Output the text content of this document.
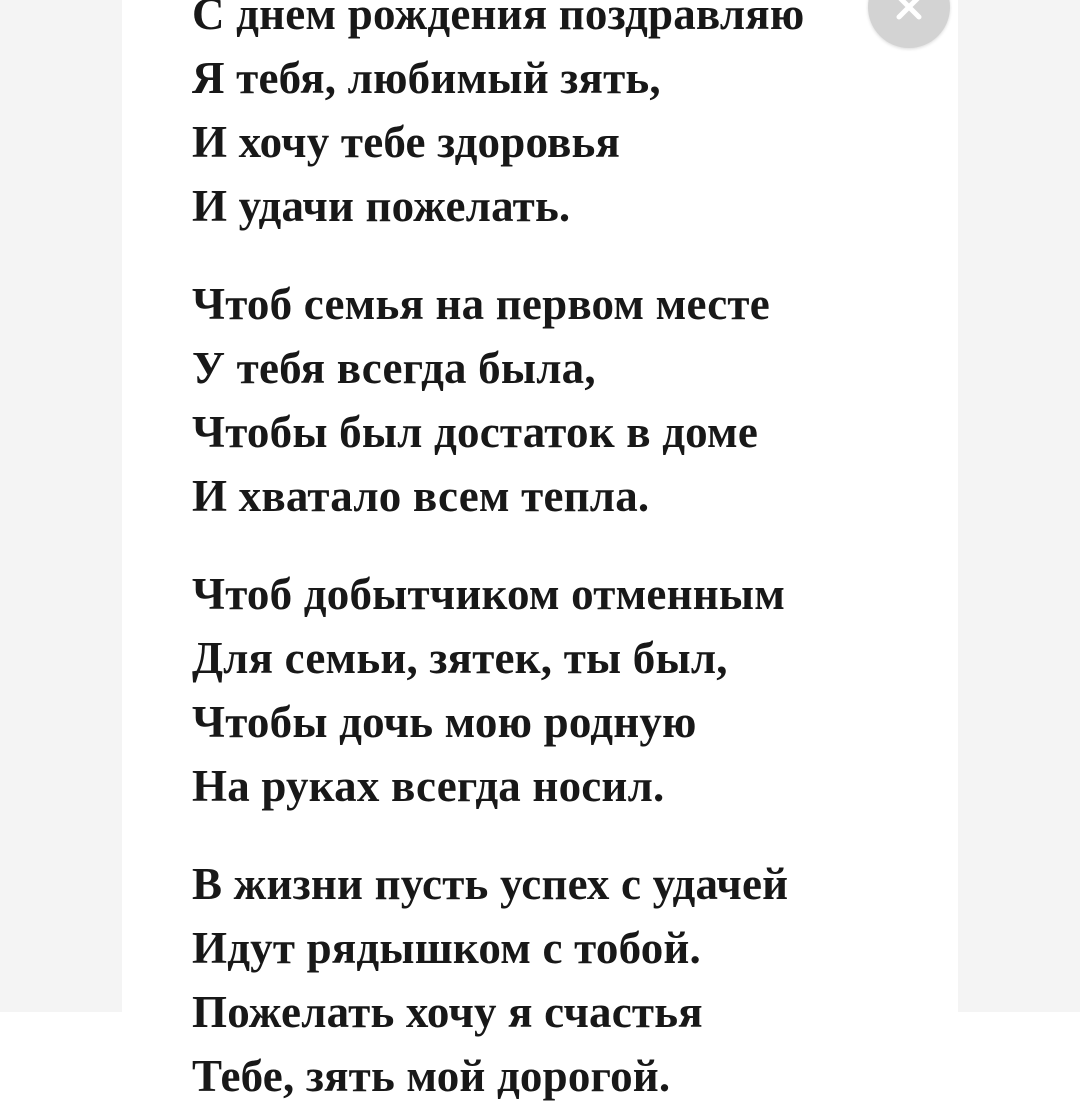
С днем рождения поздравляю
Я тебя, любимый зять,
И хочу тебе здоровья
И удачи пожелать.
Чтоб семья на первом месте
У тебя всегда была,
Чтобы был достаток в доме
И хватало всем тепла.
Чтоб добытчиком отменным
Для семьи, зятек, ты был,
Чтобы дочь мою родную
На руках всегда носил.
В жизни пусть успех с удачей
Идут рядышком с тобой.
Пожелать хочу я счастья
Тебе, зять мой дорогой.
